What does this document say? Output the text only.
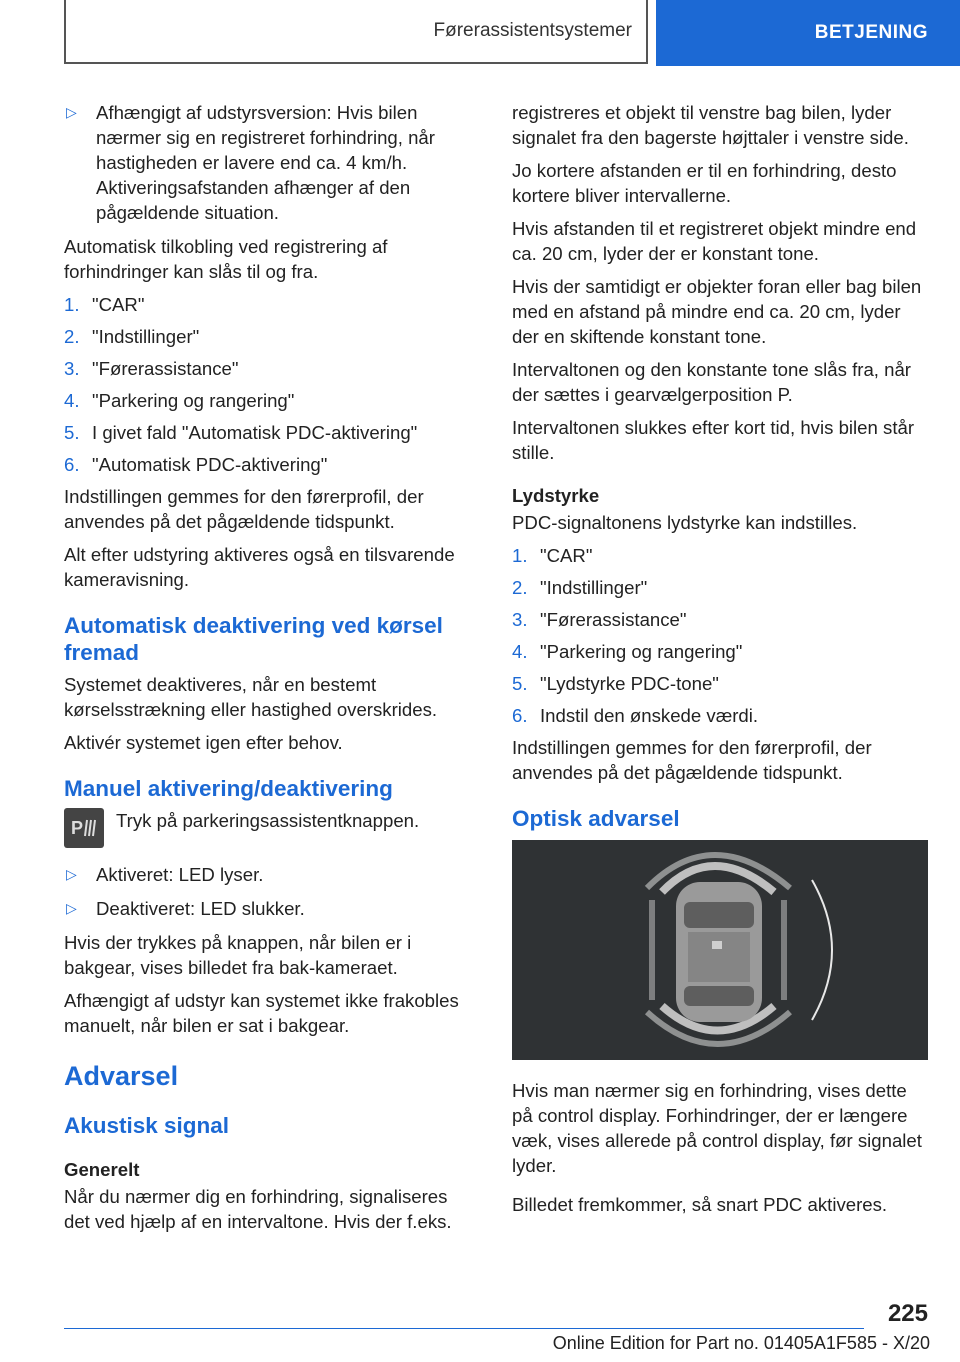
Førerassistentsystemer	BETJENING
▷	Afhængigt af udstyrsversion: Hvis bilen nærmer sig en registreret forhindring, når hastigheden er lavere end ca. 4 km/h. Aktiveringsafstanden afhænger af den pågældende situation.

Automatisk tilkobling ved registrering af forhindringer kan slås til og fra.

1. "CAR"
2. "Indstillinger"
3. "Førerassistance"
4. "Parkering og rangering"
5. I givet fald "Automatisk PDC-aktivering"
6. "Automatisk PDC-aktivering"

Indstillingen gemmes for den førerprofil, der anvendes på det pågældende tidspunkt.

Alt efter udstyring aktiveres også en tilsvarende kameravisning.

Automatisk deaktivering ved kørsel fremad

Systemet deaktiveres, når en bestemt kørselsstrækning eller hastighed overskrides.

Aktivér systemet igen efter behov.

Manuel aktivering/deaktivering
P Tryk på parkeringsassistentknappen.
▷	Aktiveret: LED lyser.
▷	Deaktiveret: LED slukker.

Hvis der trykkes på knappen, når bilen er i bakgear, vises billedet fra bak-kameraet.

Afhængigt af udstyr kan systemet ikke frakobles manuelt, når bilen er sat i bakgear.

Advarsel
Akustisk signal
Generelt

Når du nærmer dig en forhindring, signaliseres det ved hjælp af en intervaltone. Hvis der f.eks.

registreres et objekt til venstre bag bilen, lyder signalet fra den bagerste højttaler i venstre side.

Jo kortere afstanden er til en forhindring, desto kortere bliver intervallerne.

Hvis afstanden til et registreret objekt mindre end ca. 20 cm, lyder der er konstant tone.

Hvis der samtidigt er objekter foran eller bag bilen med en afstand på mindre end ca. 20 cm, lyder der en skiftende konstant tone.

Intervaltonen og den konstante tone slås fra, når der sættes i gearvælgerposition P.

Intervaltonen slukkes efter kort tid, hvis bilen står stille.

Lydstyrke

PDC-signaltonens lydstyrke kan indstilles.

1. "CAR"
2. "Indstillinger"
3. "Førerassistance"
4. "Parkering og rangering"
5. "Lydstyrke PDC-tone"
6. Indstil den ønskede værdi.

Indstillingen gemmes for den førerprofil, der anvendes på det pågældende tidspunkt.

Optisk advarsel

Hvis man nærmer sig en forhindring, vises dette på control display. Forhindringer, der er længere væk, vises allerede på control display, før signalet lyder.

Billedet fremkommer, så snart PDC aktiveres.

225
Online Edition for Part no. 01405A1F585 - X/20
